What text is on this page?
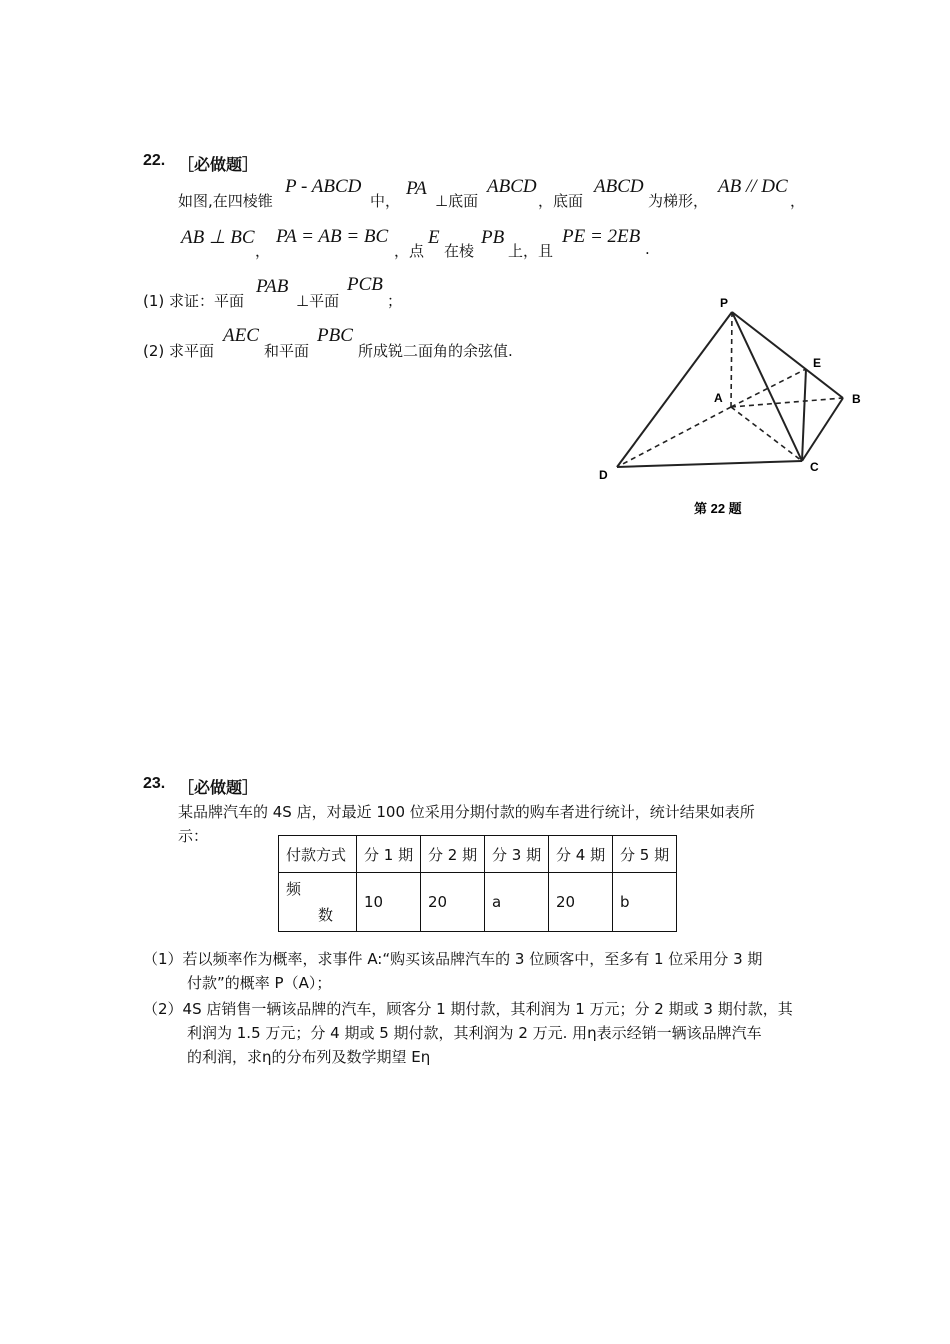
22. ［必做题］
如图,在四棱锥
P - ABCD
中，
PA
⊥底面
ABCD
，底面
ABCD
为梯形，
AB // DC
，
AB ⊥ BC
，
PA = AB = BC
，点
E
在棱
PB
上，且
PE = 2EB
.
(1) 求证：平面
PAB
⊥平面
PCB
；
(2) 求平面
AEC
和平面
PBC
所成锐二面角的余弦值.
P
E
A	B
D
C
第 22 题
23. ［必做题］
某品牌汽车的 4S 店，对最近 100 位采用分期付款的购车者进行统计，统计结果如表所
示：
付款方式	分 1 期	分 2 期	分 3 期	分 4 期	分 5 期

频
数	10	20	a	20	b
（1）若以频率作为概率，求事件 A:“购买该品牌汽车的 3 位顾客中，至多有 1 位采用分 3 期
付款”的概率 P（A）；
（2）4S 店销售一辆该品牌的汽车，顾客分 1 期付款，其利润为 1 万元；分 2 期或 3 期付款，其
利润为 1.5 万元；分 4 期或 5 期付款，其利润为 2 万元. 用η表示经销一辆该品牌汽车
的利润，求η的分布列及数学期望 Eη
